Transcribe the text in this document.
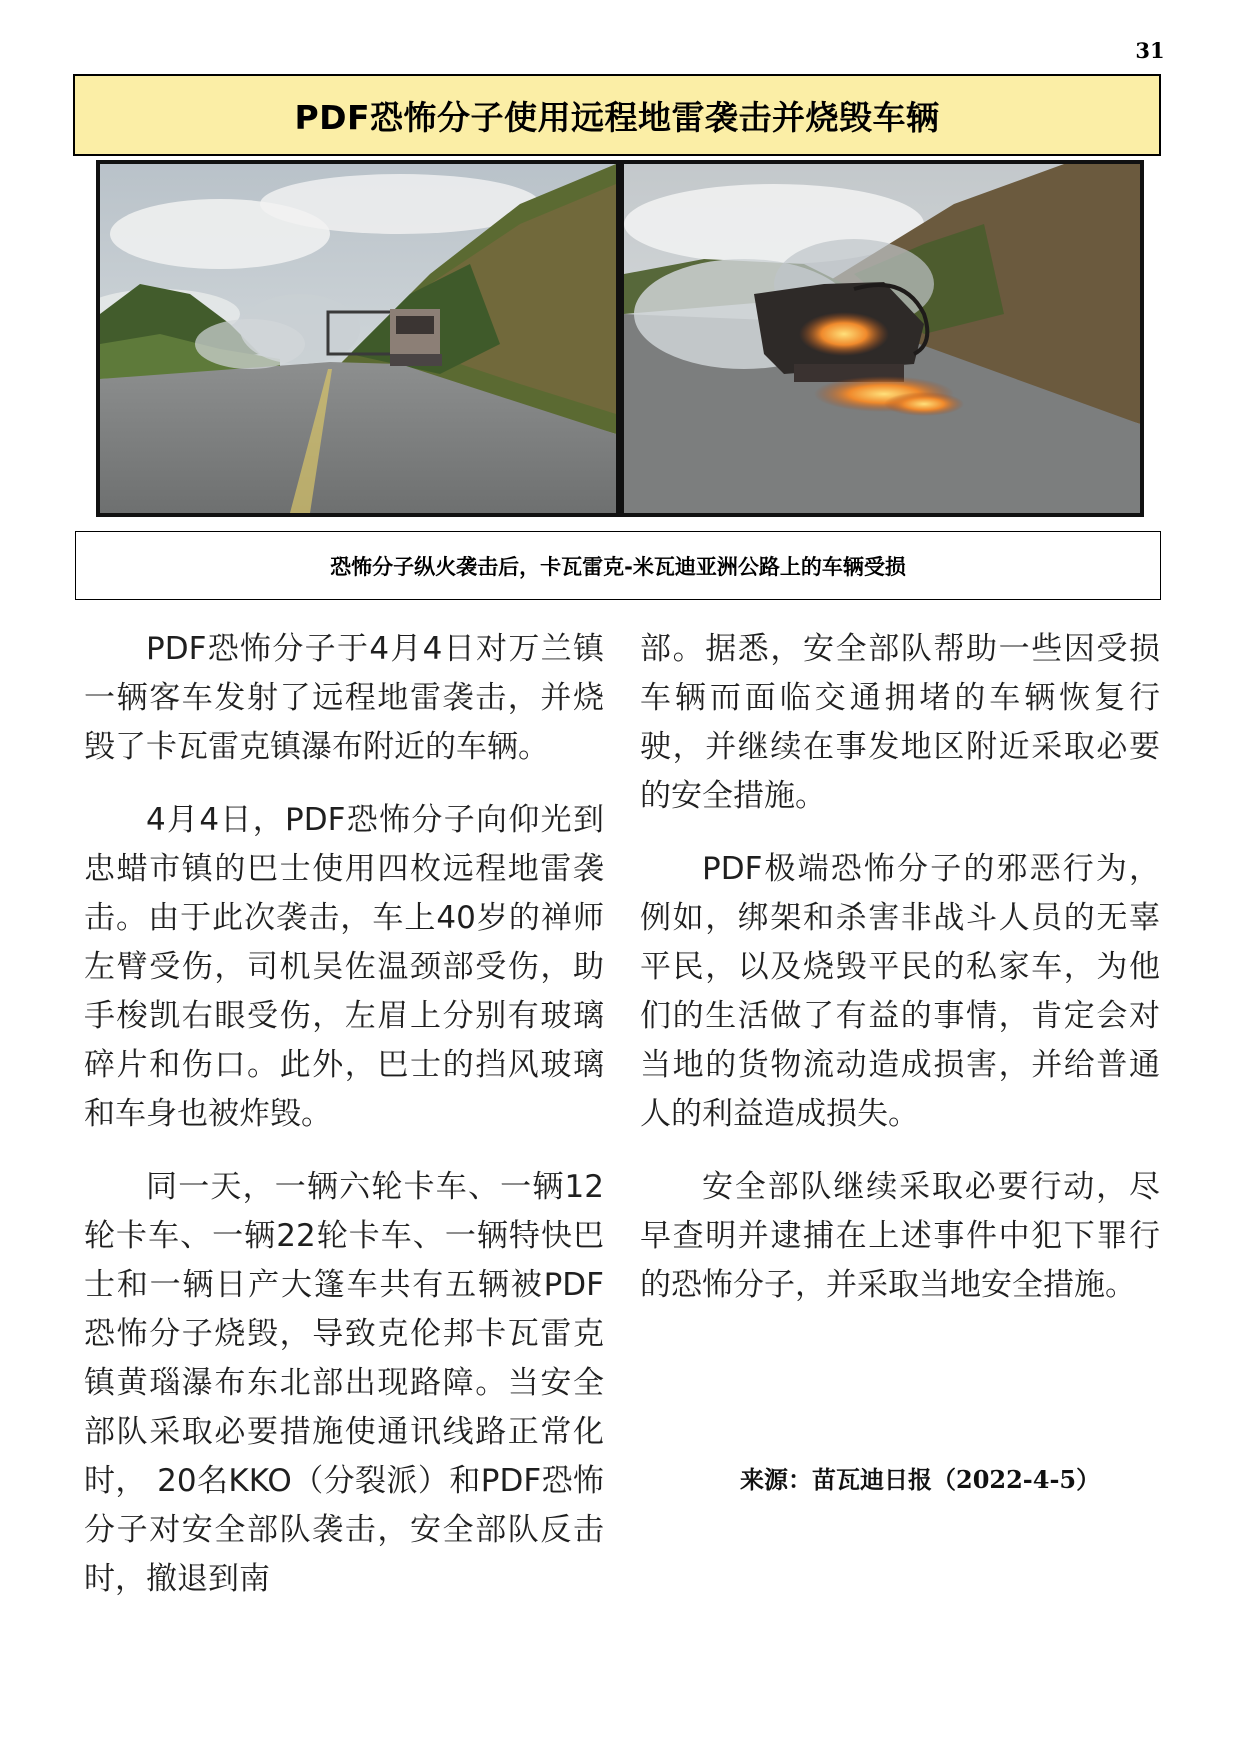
31
PDF恐怖分子使用远程地雷袭击并烧毁车辆
恐怖分子纵火袭击后，卡瓦雷克-米瓦迪亚洲公路上的车辆受损

PDF恐怖分子于4月4日对万兰镇一辆客车发射了远程地雷袭击，并烧毁了卡瓦雷克镇瀑布附近的车辆。

4月4日，PDF恐怖分子向仰光到忠蜡市镇的巴士使用四枚远程地雷袭击。由于此次袭击，车上40岁的禅师左臂受伤，司机吴佐温颈部受伤，助手梭凯右眼受伤，左眉上分别有玻璃碎片和伤口。此外，巴士的挡风玻璃和车身也被炸毁。

同一天，一辆六轮卡车、一辆12轮卡车、一辆22轮卡车、一辆特快巴士和一辆日产大篷车共有五辆被PDF恐怖分子烧毁，导致克伦邦卡瓦雷克镇黄瑙瀑布东北部出现路障。当安全部队采取必要措施使通讯线路正常化时， 20名KKO（分裂派）和PDF恐怖分子对安全部队袭击，安全部队反击时，撤退到南

部。据悉，安全部队帮助一些因受损车辆而面临交通拥堵的车辆恢复行驶，并继续在事发地区附近采取必要的安全措施。

PDF极端恐怖分子的邪恶行为，例如，绑架和杀害非战斗人员的无辜平民，以及烧毁平民的私家车，为他们的生活做了有益的事情，肯定会对当地的货物流动造成损害，并给普通人的利益造成损失。

安全部队继续采取必要行动，尽早查明并逮捕在上述事件中犯下罪行的恐怖分子，并采取当地安全措施。

来源：苗瓦迪日报（2022-4-5）
